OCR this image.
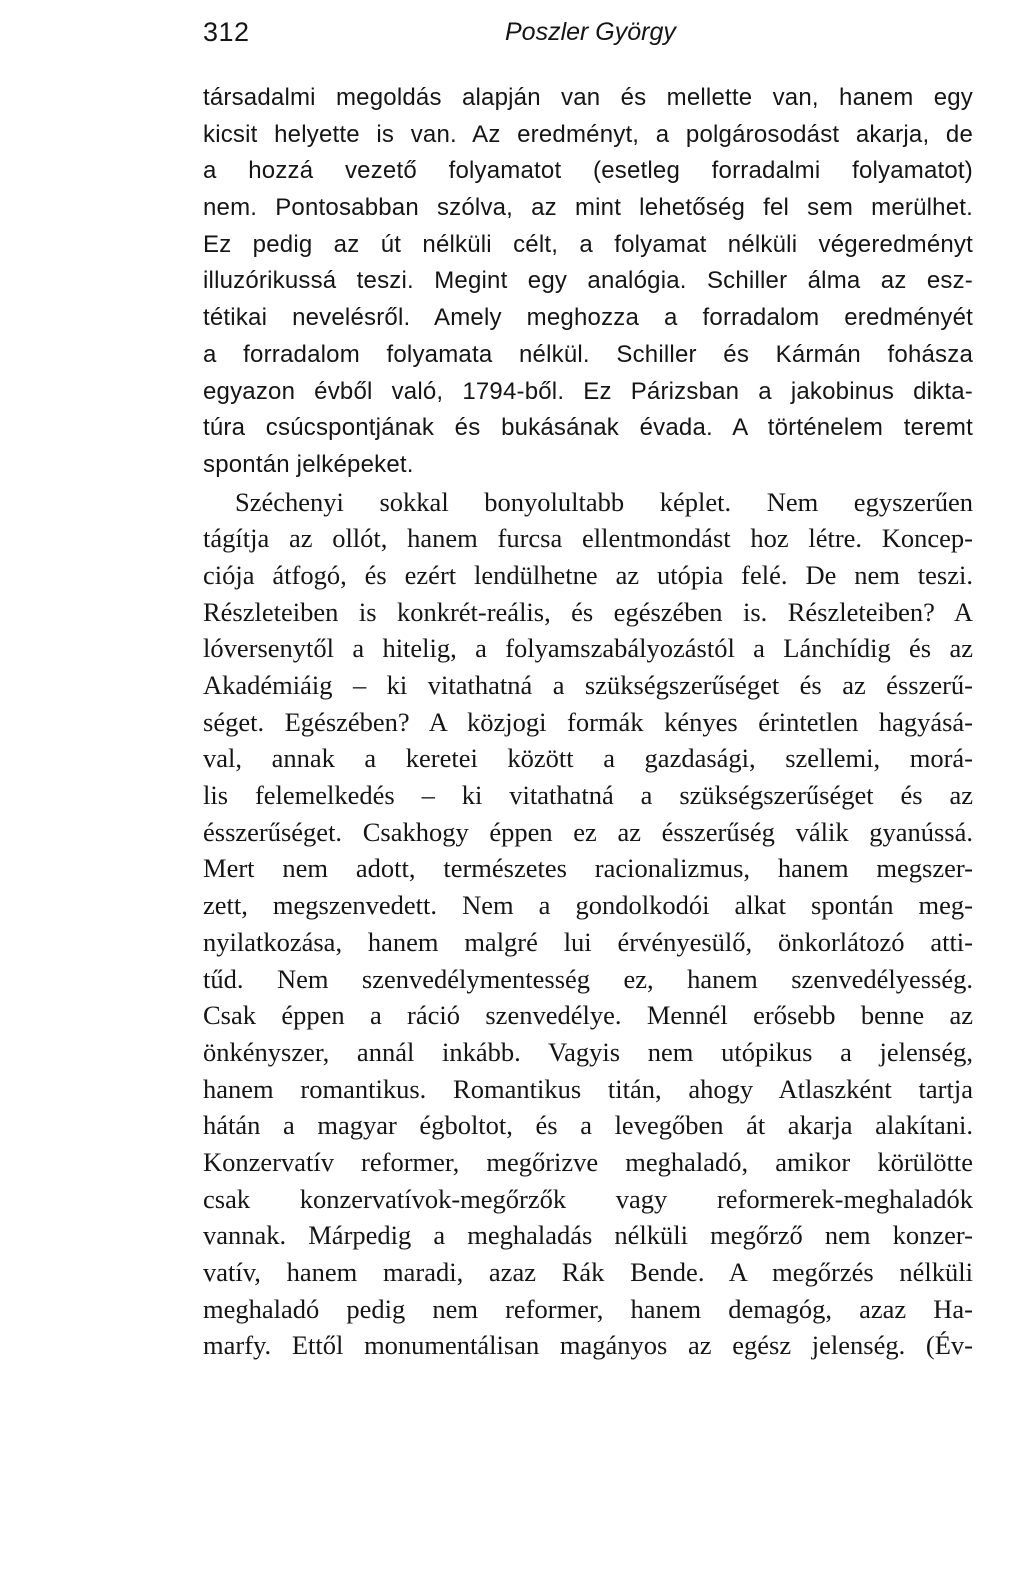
312	Poszler György
társadalmi megoldás alapján van és mellette van, hanem egy
kicsit helyette is van. Az eredményt, a polgárosodást akarja, de
a hozzá vezető folyamatot (esetleg forradalmi folyamatot)
nem. Pontosabban szólva, az mint lehetőség fel sem merülhet.
Ez pedig az út nélküli célt, a folyamat nélküli végeredményt
illuzórikussá teszi. Megint egy analógia. Schiller álma az esz-
tétikai nevelésről. Amely meghozza a forradalom eredményét
a forradalom folyamata nélkül. Schiller és Kármán fohásza
egyazon évből való, 1794-ből. Ez Párizsban a jakobinus dikta-
túra csúcspontjának és bukásának évada. A történelem teremt
spontán jelképeket.
Széchenyi sokkal bonyolultabb képlet. Nem egyszerűen
tágítja az ollót, hanem furcsa ellentmondást hoz létre. Koncep-
ciója átfogó, és ezért lendülhetne az utópia felé. De nem teszi.
Részleteiben is konkrét-reális, és egészében is. Részleteiben? A
lóversenytől a hitelig, a folyamszabályozástól a Lánchídig és az
Akadémiáig – ki vitathatná a szükségszerűséget és az ésszerű-
séget. Egészében? A közjogi formák kényes érintetlen hagyásá-
val, annak a keretei között a gazdasági, szellemi, morá-
lis felemelkedés – ki vitathatná a szükségszerűséget és az
ésszerűséget. Csakhogy éppen ez az ésszerűség válik gyanússá.
Mert nem adott, természetes racionalizmus, hanem megszer-
zett, megszenvedett. Nem a gondolkodói alkat spontán meg-
nyilatkozása, hanem malgré lui érvényesülő, önkorlátozó atti-
tűd. Nem szenvedélymentesség ez, hanem szenvedélyesség.
Csak éppen a ráció szenvedélye. Mennél erősebb benne az
önkényszer, annál inkább. Vagyis nem utópikus a jelenség,
hanem romantikus. Romantikus titán, ahogy Atlaszként tartja
hátán a magyar égboltot, és a levegőben át akarja alakítani.
Konzervatív reformer, megőrizve meghaladó, amikor körülötte
csak konzervatívok-megőrzők vagy reformerek-meghaladók
vannak. Márpedig a meghaladás nélküli megőrző nem konzer-
vatív, hanem maradi, azaz Rák Bende. A megőrzés nélküli
meghaladó pedig nem reformer, hanem demagóg, azaz Ha-
marfy. Ettől monumentálisan magányos az egész jelenség. (Év-
